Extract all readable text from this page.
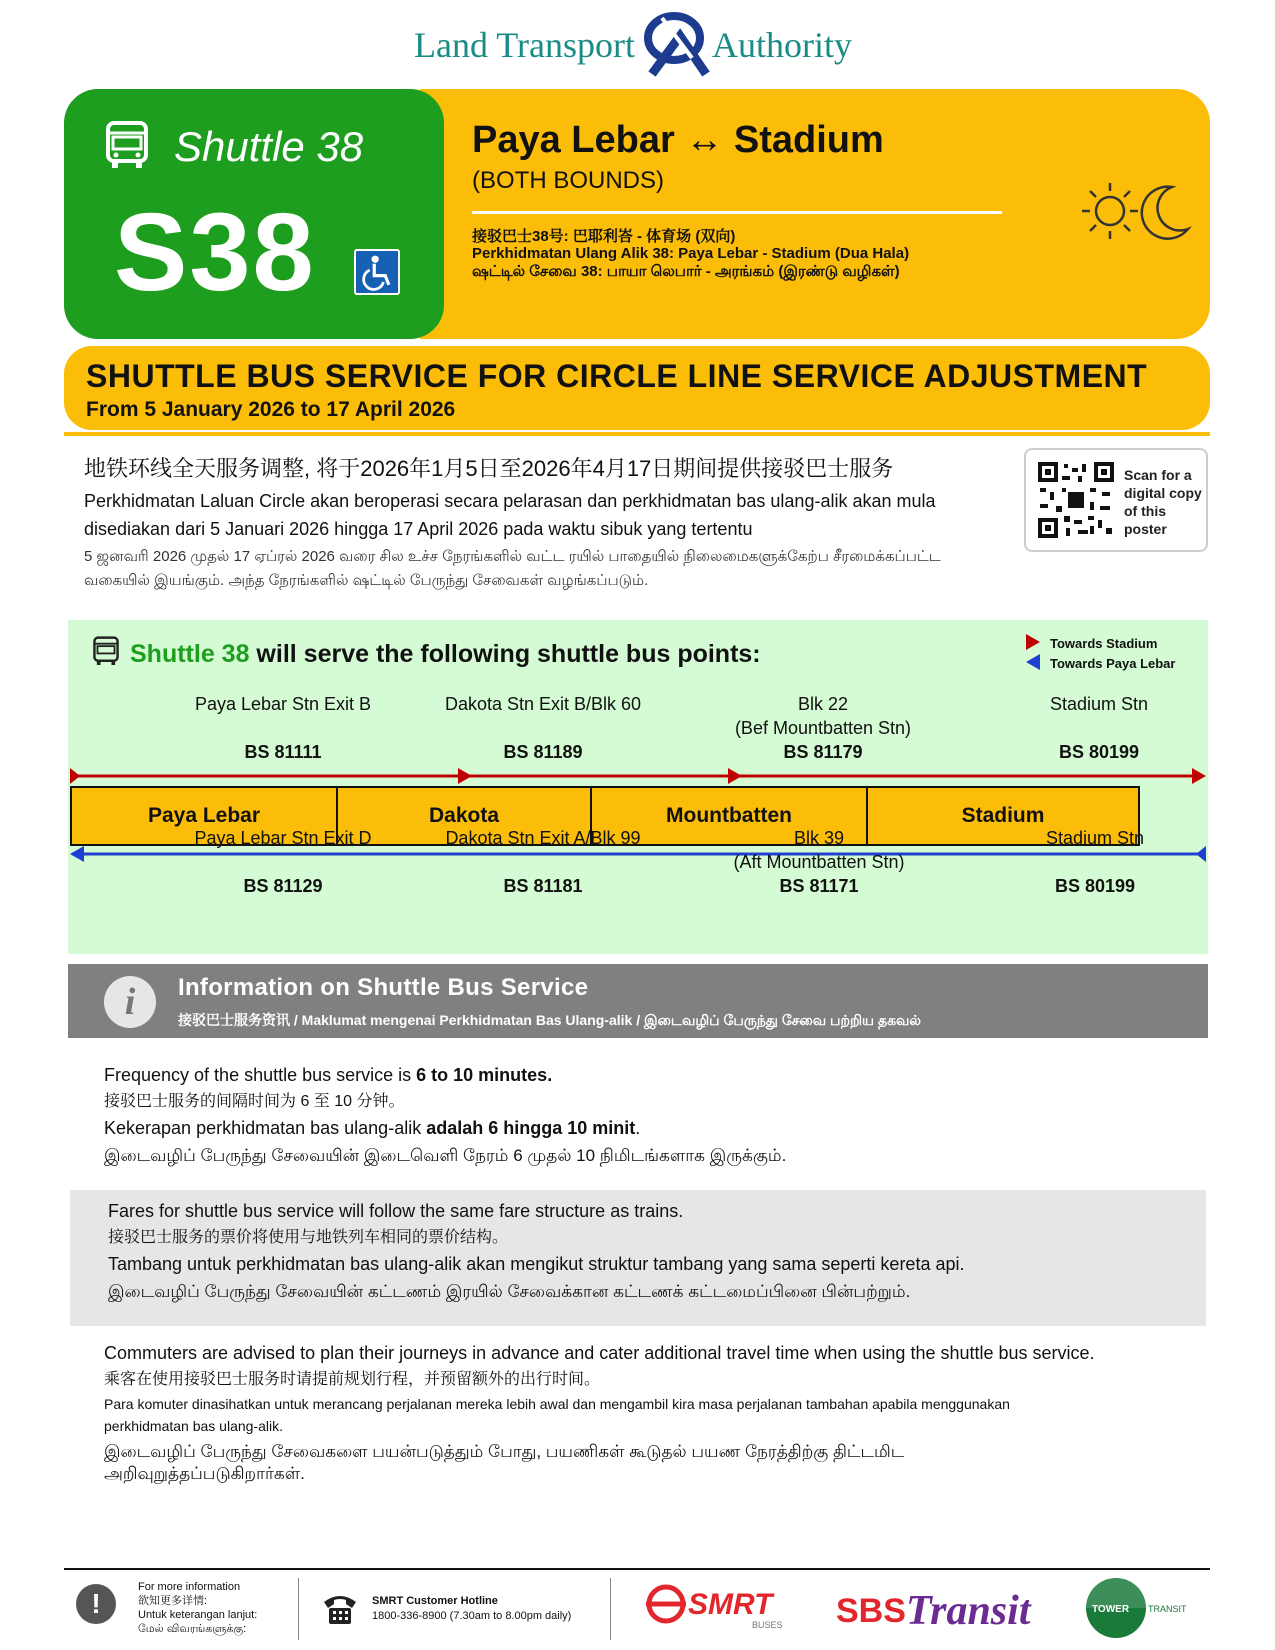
Land Transport Authority
Paya Lebar ↔ Stadium
(BOTH BOUNDS)
接驳巴士38号: 巴耶利峇 - 体育场 (双向)
Perkhidmatan Ulang Alik 38: Paya Lebar - Stadium (Dua Hala)
ஷட்டில் சேவை 38: பாயா லெபார் - அரங்கம் (இரண்டு வழிகள்)
Shuttle 38
S38
SHUTTLE BUS SERVICE FOR CIRCLE LINE SERVICE ADJUSTMENT
From 5 January 2026 to 17 April 2026
地铁环线全天服务调整, 将于2026年1月5日至2026年4月17日期间提供接驳巴士服务
Perkhidmatan Laluan Circle akan beroperasi secara pelarasan dan perkhidmatan bas ulang-alik akan mula disediakan dari 5 Januari 2026 hingga 17 April 2026 pada waktu sibuk yang tertentu
5 ஜனவரி 2026 முதல் 17 ஏப்ரல் 2026 வரை சில உச்ச நேரங்களில் வட்ட ரயில் பாதையில் நிலைமைகளுக்கேற்ப சீரமைக்கப்பட்ட வகையில் இயங்கும். அந்த நேரங்களில் ஷட்டில் பேருந்து சேவைகள் வழங்கப்படும்.
Scan for a digital copy of this poster
Shuttle 38 will serve the following shuttle bus points:	Towards Stadium
Towards Paya Lebar
Paya Lebar Stn Exit B
BS 81111
Dakota Stn Exit B/Blk 60
BS 81189
Blk 22
(Bef Mountbatten Stn)
BS 81179
Stadium Stn
BS 80199
Paya Lebar	Dakota	Mountbatten	Stadium
Paya Lebar Stn Exit D
BS 81129
Dakota Stn Exit A/Blk 99
BS 81181
Blk 39
(Aft Mountbatten Stn)
BS 81171
Stadium Stn
BS 80199
i	Information on Shuttle Bus Service
接驳巴士服务资讯 / Maklumat mengenai Perkhidmatan Bas Ulang-alik / இடைவழிப் பேருந்து சேவை பற்றிய தகவல்
Frequency of the shuttle bus service is 6 to 10 minutes.
接驳巴士服务的间隔时间为 6 至 10 分钟。
Kekerapan perkhidmatan bas ulang-alik adalah 6 hingga 10 minit.
இடைவழிப் பேருந்து சேவையின் இடைவெளி நேரம் 6 முதல் 10 நிமிடங்களாக இருக்கும்.
Fares for shuttle bus service will follow the same fare structure as trains.
接驳巴士服务的票价将使用与地铁列车相同的票价结构。
Tambang untuk perkhidmatan bas ulang-alik akan mengikut struktur tambang yang sama seperti kereta api.
இடைவழிப் பேருந்து சேவையின் கட்டணம் இரயில் சேவைக்கான கட்டணக் கட்டமைப்பினை பின்பற்றும்.
Commuters are advised to plan their journeys in advance and cater additional travel time when using the shuttle bus service.
乘客在使用接驳巴士服务时请提前规划行程，并预留额外的出行时间。
Para komuter dinasihatkan untuk merancang perjalanan mereka lebih awal dan mengambil kira masa perjalanan tambahan apabila menggunakan perkhidmatan bas ulang-alik.
இடைவழிப் பேருந்து சேவைகளை பயன்படுத்தும் போது, பயணிகள் கூடுதல் பயண நேரத்திற்கு திட்டமிட அறிவுறுத்தப்படுகிறார்கள்.
!
For more information
欲知更多详情:
Untuk keterangan lanjut:
மேல் விவரங்களுக்கு:
SMRT Customer Hotline
1800-336-8900 (7.30am to 8.00pm daily)	SMRT
BUSES SBS Transit	TOWER TRANSIT
